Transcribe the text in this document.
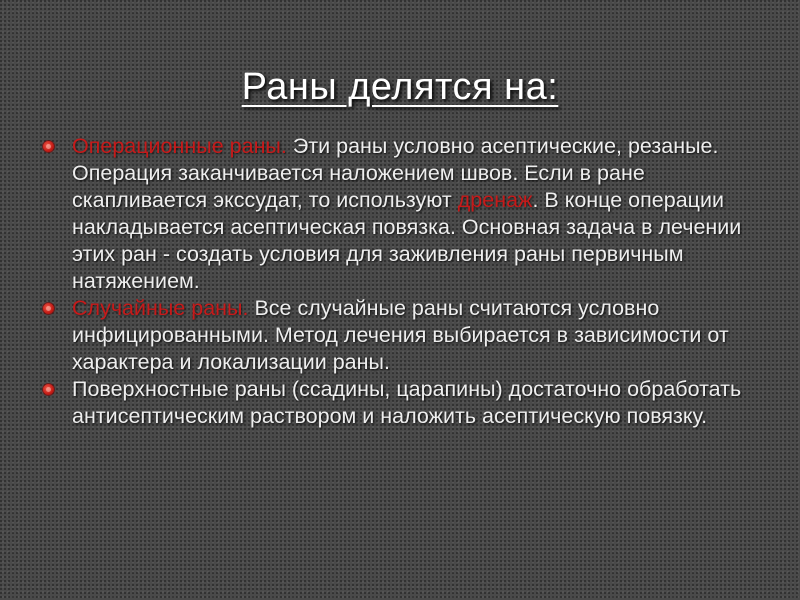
Раны делятся на:
Операционные раны. Эти раны условно асептические, резаные. Операция заканчивается наложением швов. Если в ране скапливается экссудат, то используют дренаж. В конце операции накладывается асептическая повязка. Основная задача в лечении этих ран - создать условия для заживления раны первичным натяжением.
Случайные раны. Все случайные раны считаются условно инфицированными. Метод лечения выбирается в зависимости от характера и локализации раны.
Поверхностные раны (ссадины, царапины) достаточно обработать антисептическим раствором и наложить асептическую повязку.
